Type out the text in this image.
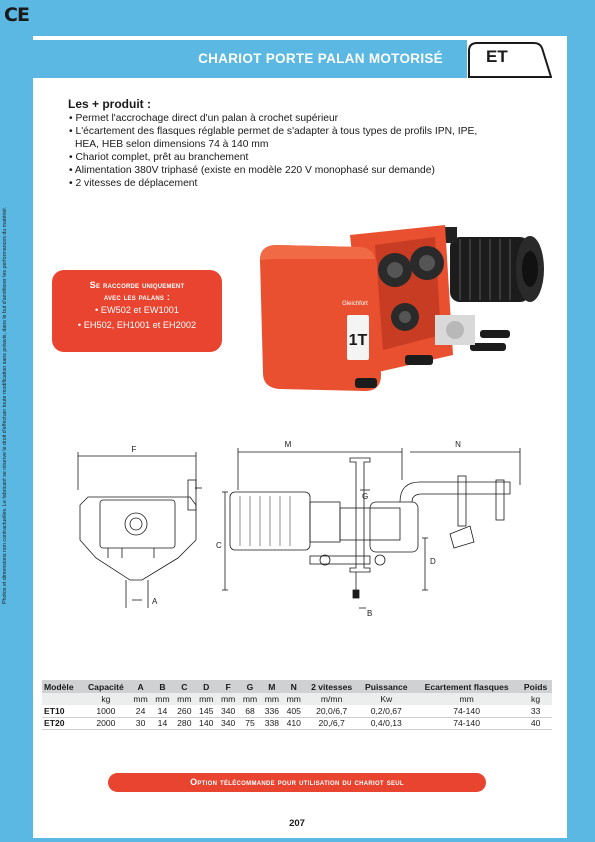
CE
Photos et dimensions non contractuelles. Le fabricant se réserve le droit d'effectuer toute modification sans préavis, dans le but d'améliorer les performances du matériel.
CHARIOT PORTE PALAN MOTORISÉ	ET
Les + produit :
• Permet l'accrochage direct d'un palan à crochet supérieur
• L'écartement des flasques réglable permet de s'adapter à tous types de profils IPN, IPE, HEA, HEB selon dimensions 74 à 140 mm
• Chariot complet, prêt au branchement
• Alimentation 380V triphasé (existe en modèle 220 V monophasé sur demande)
• 2 vitesses de déplacement
Se raccorde uniquement
avec les palans :
• EW502 et EW1001
• EH502, EH1001 et EH2002
1T
Gleichfort
F
A
M	N
C
G
D
B
Modèle	Capacité	A	B	C	D	F	G	M	N	2 vitesses	Puissance	Ecartement flasques	Poids
	kg	mm	mm	mm	mm	mm	mm	mm	mm	m/mn	Kw	mm	kg
ET10	1000	24	14	260	145	340	68	336	405	20,0/6,7	0,2/0,67	74-140	33
ET20	2000	30	14	280	140	340	75	338	410	20,/6,7	0,4/0,13	74-140	40
Option télécommande pour utilisation du chariot seul
207
